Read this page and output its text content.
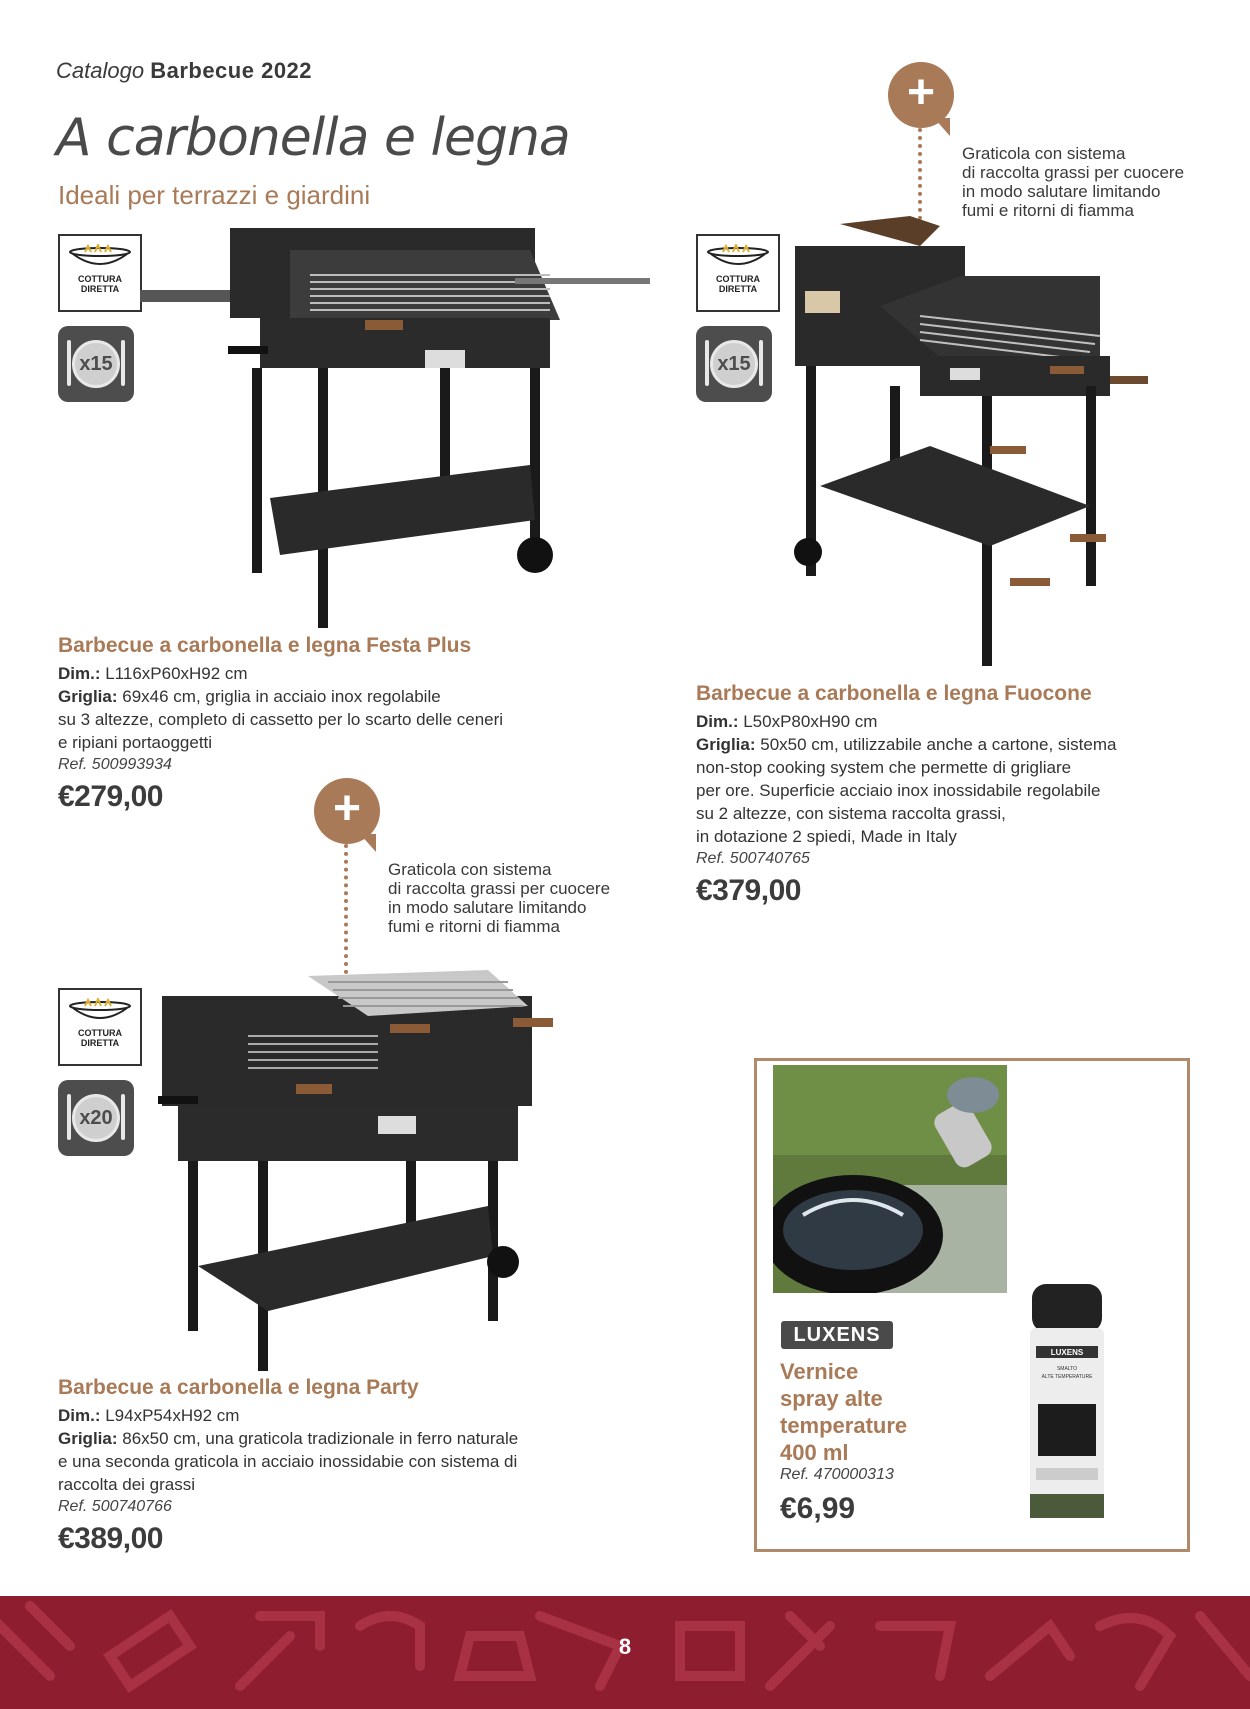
Catalogo Barbecue 2022
A carbonella e legna
Ideali per terrazzi e giardini
COTTURA
DIRETTA
x15
COTTURA
DIRETTA
x15
COTTURA
DIRETTA
x20
+
Graticola con sistema
di raccolta grassi per cuocere
in modo salutare limitando
fumi e ritorni di fiamma
Barbecue a carbonella e legna Festa Plus
Dim.: L116xP60xH92 cm
Griglia: 69x46 cm, griglia in acciaio inox regolabile
su 3 altezze, completo di cassetto per lo scarto delle ceneri
e ripiani portaoggetti
Ref. 500993934
€279,00
Barbecue a carbonella e legna Fuocone
Dim.: L50xP80xH90 cm
Griglia: 50x50 cm, utilizzabile anche a cartone, sistema
non-stop cooking system che permette di grigliare
per ore. Superficie acciaio inox inossidabile regolabile
su 2 altezze, con sistema raccolta grassi,
in dotazione 2 spiedi, Made in Italy
Ref. 500740765
€379,00
+
Graticola con sistema
di raccolta grassi per cuocere
in modo salutare limitando
fumi e ritorni di fiamma
Barbecue a carbonella e legna Party
Dim.: L94xP54xH92 cm
Griglia: 86x50 cm, una graticola tradizionale in ferro naturale
e una seconda graticola in acciaio inossidabie con sistema di
raccolta dei grassi
Ref. 500740766
€389,00
LUXENS
Vernice
spray alte
temperature
400 ml
Ref. 470000313
€6,99
LUXENS
SMALTO
ALTE TEMPERATURE
8
